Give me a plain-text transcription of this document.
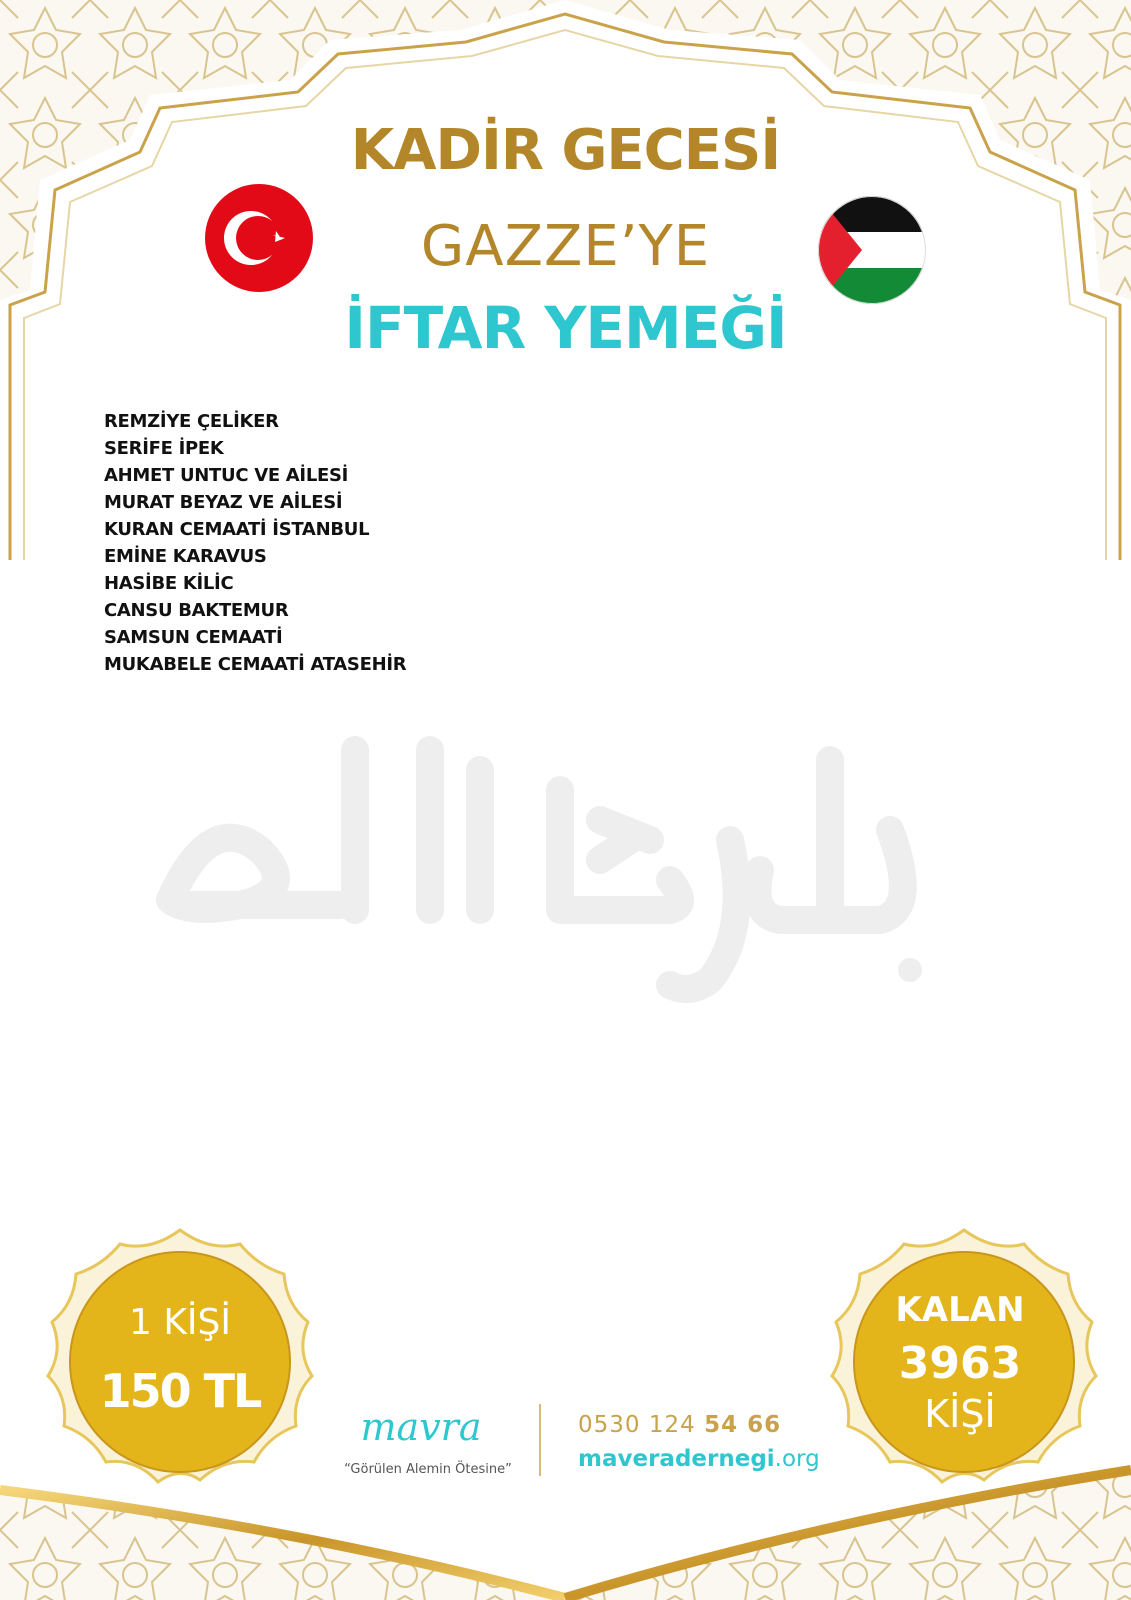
KADİR GECESİ
GAZZE’YE
İFTAR YEMEĞİ
REMZİYE ÇELİKER
SERİFE İPEK
AHMET UNTUC VE AİLESİ
MURAT BEYAZ VE AİLESİ
KURAN CEMAATİ İSTANBUL
EMİNE KARAVUS
HASİBE KİLİC
CANSU BAKTEMUR
SAMSUN CEMAATİ
MUKABELE CEMAATİ ATASEHİR
1 KİŞİ
150 TL
KALAN
3963
KİŞİ
mavra
“Görülen Alemin Ötesine”
0530 124 54 66
maveradernegi.org
